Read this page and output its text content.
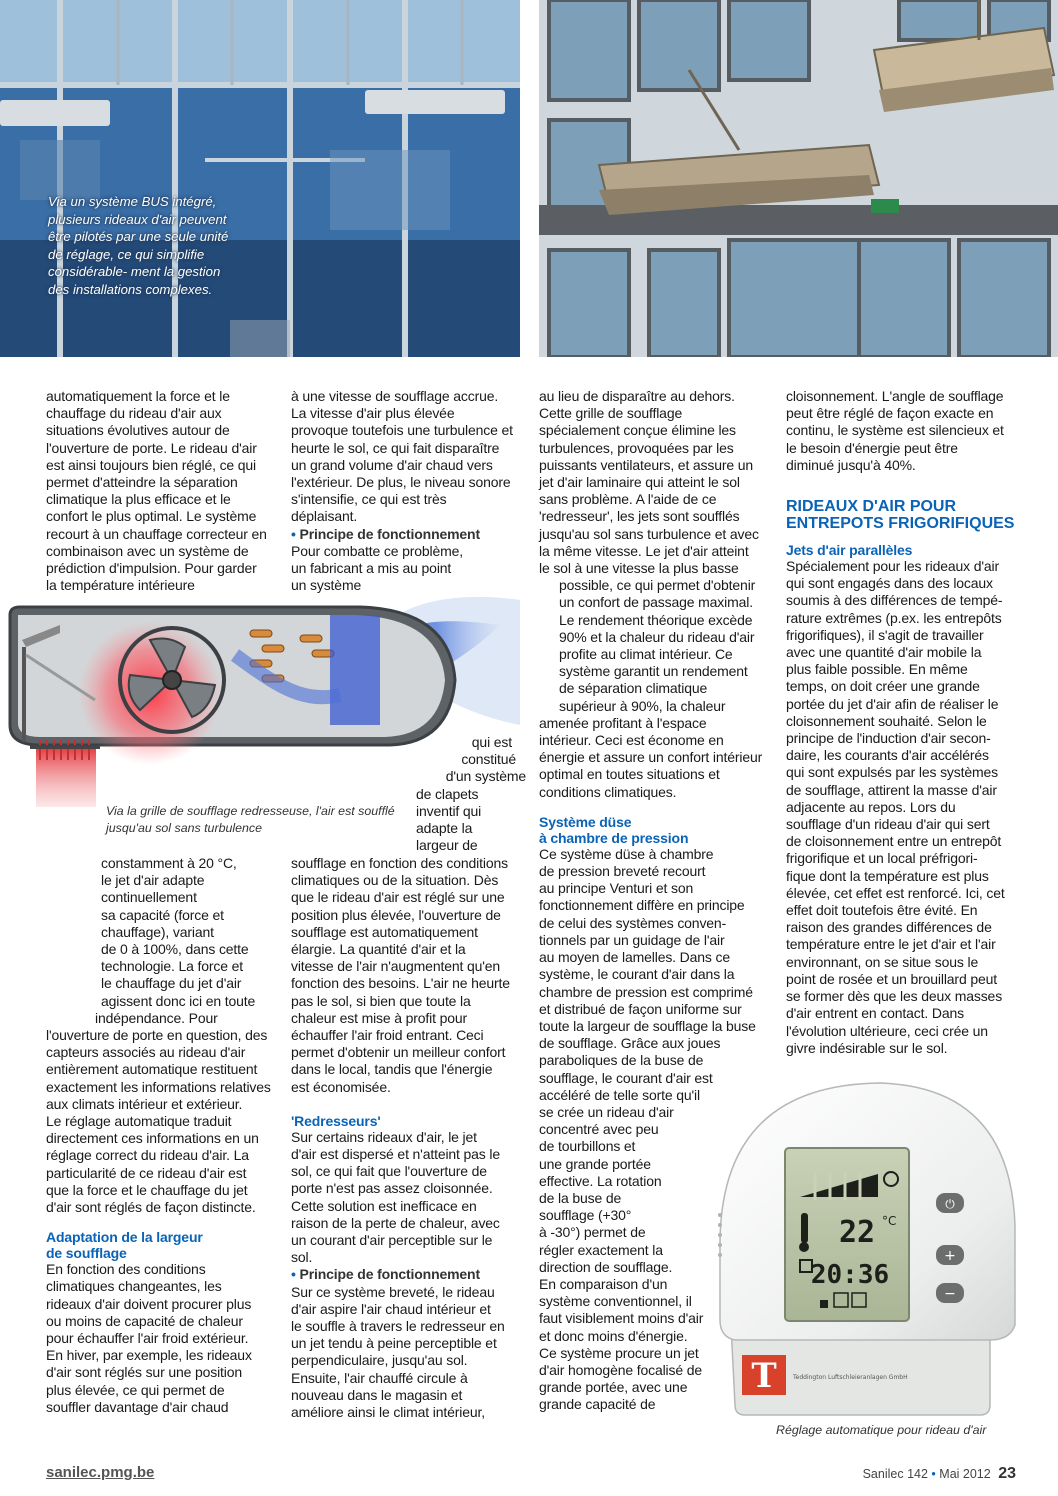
Via un système BUS intégré, plusieurs rideaux d'air peuvent être pilotés par une seule unité de réglage, ce qui simplifie considérable- ment la gestion des installations complexes.
automatiquement la force et le
chauffage du rideau d'air aux
situations évolutives autour de
l'ouverture de porte. Le rideau d'air
est ainsi toujours bien réglé, ce qui
permet d'atteindre la séparation
climatique la plus efficace et le
confort le plus optimal. Le système
recourt à un chauffage correcteur en
combinaison avec un système de
prédiction d'impulsion. Pour garder
la température intérieure
constamment à 20 °C,
le jet d'air adapte
continuellement
sa capacité (force et
chauffage), variant
de 0 à 100%, dans cette
technologie. La force et
le chauffage du jet d'air
agissent donc ici en toute
indépendance. Pour
l'ouverture de porte en question, des
capteurs associés au rideau d'air
entièrement automatique restituent
exactement les informations relatives
aux climats intérieur et extérieur.
Le réglage automatique traduit
directement ces informations en un
réglage correct du rideau d'air. La
particularité de ce rideau d'air est
que la force et le chauffage du jet
d'air sont réglés de façon distincte.
Adaptation de la largeur
de soufflage
En fonction des conditions
climatiques changeantes, les
rideaux d'air doivent procurer plus
ou moins de capacité de chaleur
pour échauffer l'air froid extérieur.
En hiver, par exemple, les rideaux
d'air sont réglés sur une position
plus élevée, ce qui permet de
souffler davantage d'air chaud
à une vitesse de soufflage accrue.
La vitesse d'air plus élevée
provoque toutefois une turbulence et
heurte le sol, ce qui fait disparaître
un grand volume d'air chaud vers
l'extérieur. De plus, le niveau sonore
s'intensifie, ce qui est très
déplaisant.
• Principe de fonctionnement
Pour combatte ce problème,
un fabricant a mis au point
un système
qui est
constitué
d'un système
de clapets
inventif qui
adapte la
largeur de
soufflage en fonction des conditions
climatiques ou de la situation. Dès
que le rideau d'air est réglé sur une
position plus élevée, l'ouverture de
soufflage est automatiquement
élargie. La quantité d'air et la
vitesse de l'air n'augmentent qu'en
fonction des besoins. L'air ne heurte
pas le sol, si bien que toute la
chaleur est mise à profit pour
échauffer l'air froid entrant. Ceci
permet d'obtenir un meilleur confort
dans le local, tandis que l'énergie
est économisée.
'Redresseurs'
Sur certains rideaux d'air, le jet
d'air est dispersé et n'atteint pas le
sol, ce qui fait que l'ouverture de
porte n'est pas assez cloisonnée.
Cette solution est inefficace en
raison de la perte de chaleur, avec
un courant d'air perceptible sur le
sol.
• Principe de fonctionnement
Sur ce système breveté, le rideau
d'air aspire l'air chaud intérieur et
le souffle à travers le redresseur en
un jet tendu à peine perceptible et
perpendiculaire, jusqu'au sol.
Ensuite, l'air chauffé circule à
nouveau dans le magasin et
améliore ainsi le climat intérieur,
au lieu de disparaître au dehors.
Cette grille de soufflage
spécialement conçue élimine les
turbulences, provoquées par les
puissants ventilateurs, et assure un
jet d'air laminaire qui atteint le sol
sans problème. A l'aide de ce
'redresseur', les jets sont soufflés
jusqu'au sol sans turbulence et avec
la même vitesse. Le jet d'air atteint
le sol à une vitesse la plus basse
possible, ce qui permet d'obtenir
un confort de passage maximal.
Le rendement théorique excède
90% et la chaleur du rideau d'air
profite au climat intérieur. Ce
système garantit un rendement
de séparation climatique
supérieur à 90%, la chaleur
amenée profitant à l'espace
intérieur. Ceci est économe en
énergie et assure un confort intérieur
optimal en toutes situations et
conditions climatiques.
Système düse
à chambre de pression
Ce système düse à chambre
de pression breveté recourt
au principe Venturi et son
fonctionnement diffère en principe
de celui des systèmes conven-
tionnels par un guidage de l'air
au moyen de lamelles. Dans ce
système, le courant d'air dans la
chambre de pression est comprimé
et distribué de façon uniforme sur
toute la largeur de soufflage la buse
de soufflage. Grâce aux joues
paraboliques de la buse de
soufflage, le courant d'air est
accéléré de telle sorte qu'il
se crée un rideau d'air
concentré avec peu
de tourbillons et
une grande portée
effective. La rotation
de la buse de
soufflage (+30°
à -30°) permet de
régler exactement la
direction de soufflage.
En comparaison d'un
système conventionnel, il
faut visiblement moins d'air
et donc moins d'énergie.
Ce système procure un jet
d'air homogène focalisé de
grande portée, avec une
grande capacité de
cloisonnement. L'angle de soufflage
peut être réglé de façon exacte en
continu, le système est silencieux et
le besoin d'énergie peut être
diminué jusqu'à 40%.
RIDEAUX D'AIR POUR
ENTREPOTS FRIGORIFIQUES
Jets d'air parallèles
Spécialement pour les rideaux d'air
qui sont engagés dans des locaux
soumis à des différences de tempé-
rature extrêmes (p.ex. les entrepôts
frigorifiques), il s'agit de travailler
avec une quantité d'air mobile la
plus faible possible. En même
temps, on doit créer une grande
portée du jet d'air afin de réaliser le
cloisonnement souhaité. Selon le
principe de l'induction d'air secon-
daire, les courants d'air accélérés
qui sont expulsés par les systèmes
de soufflage, attirent la masse d'air
adjacente au repos. Lors du
soufflage d'un rideau d'air qui sert
de cloisonnement entre un entrepôt
frigorifique et un local préfrigori-
fique dont la température est plus
élevée, cet effet est renforcé. Ici, cet
effet doit toutefois être évité. En
raison des grandes différences de
température entre le jet d'air et l'air
environnant, on se situe sous le
point de rosée et un brouillard peut
se former dès que les deux masses
d'air entrent en contact. Dans
l'évolution ultérieure, ceci crée un
givre indésirable sur le sol.
Via la grille de soufflage redresseuse, l'air est soufflé jusqu'au sol sans turbulence
22 °C
20:36
⏻
+
−
T	Teddington Luftschleieranlagen GmbH
Réglage automatique pour rideau d'air
sanilec.pmg.be	Sanilec 142 • Mai 2012 23
